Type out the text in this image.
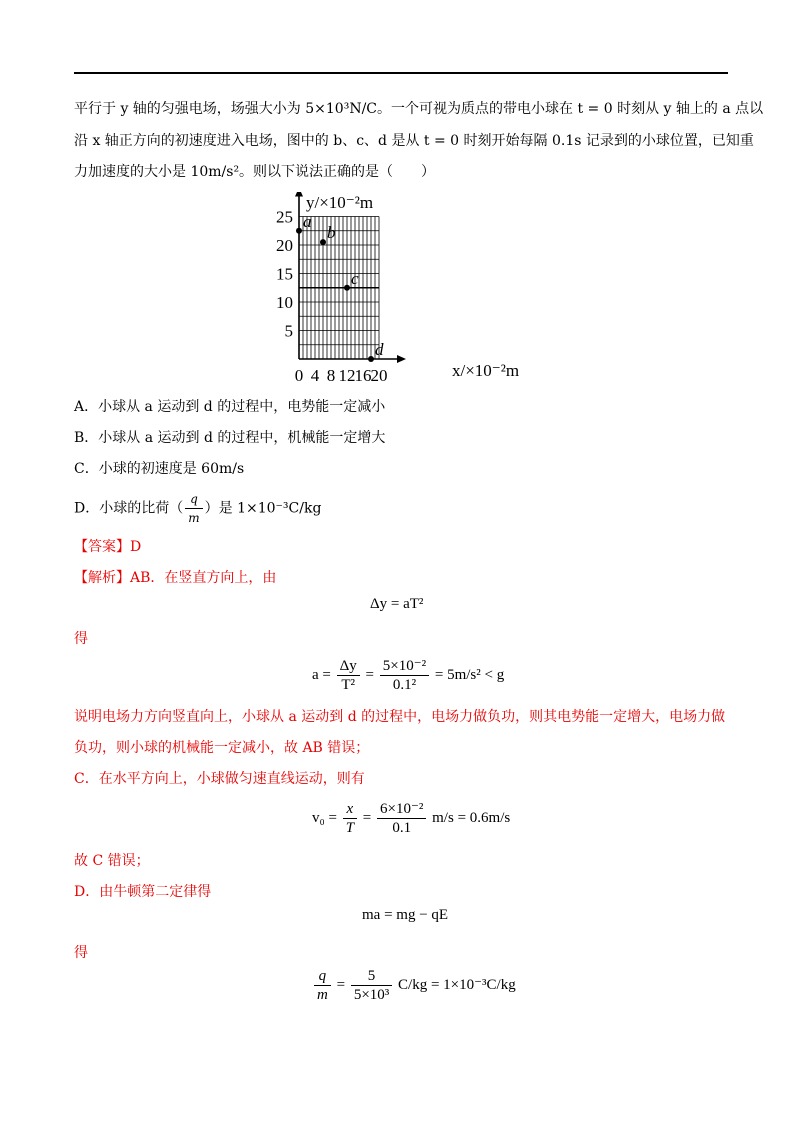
平行于 y 轴的匀强电场，场强大小为 5×10³N/C。一个可视为质点的带电小球在 t = 0 时刻从 y 轴上的 a 点以
沿 x 轴正方向的初速度进入电场，图中的 b、c、d 是从 t = 0 时刻开始每隔 0.1s 记录到的小球位置，已知重
力加速度的大小是 10m/s²。则以下说法正确的是（　　）
y/×10⁻²m
x/×10⁻²m
25
20
15
10
5
0 4 8 12 16 20
a
b
c
d
A．小球从 a 运动到 d 的过程中，电势能一定减小
B．小球从 a 运动到 d 的过程中，机械能一定增大
C．小球的初速度是 60m/s
D．小球的比荷（ $\frac{q}{m}$ ）是 1×10⁻³C/kg
【答案】D
【解析】AB．在竖直方向上，由
Δy = aT²
得
$a = \frac{\Delta y}{\text{T²}} = \frac{\text{5×10⁻²}}{\text{0.1²}} = 5m/s^2 < g$
说明电场力方向竖直向上，小球从 a 运动到 d 的过程中，电场力做负功，则其电势能一定增大，电场力做
负功，则小球的机械能一定减小，故 AB 错误；
C．在水平方向上，小球做匀速直线运动，则有
$v_0 = \frac{x}{T} = \frac{\text{6×10⁻²}}{0.1} m/s = 0.6m/s$
故 C 错误；
D．由牛顿第二定律得
ma = mg − qE
得
$\frac{q}{m} = \frac{5}{\text{5×10³}} C/kg = 1\times 10^{-3}C/kg$
